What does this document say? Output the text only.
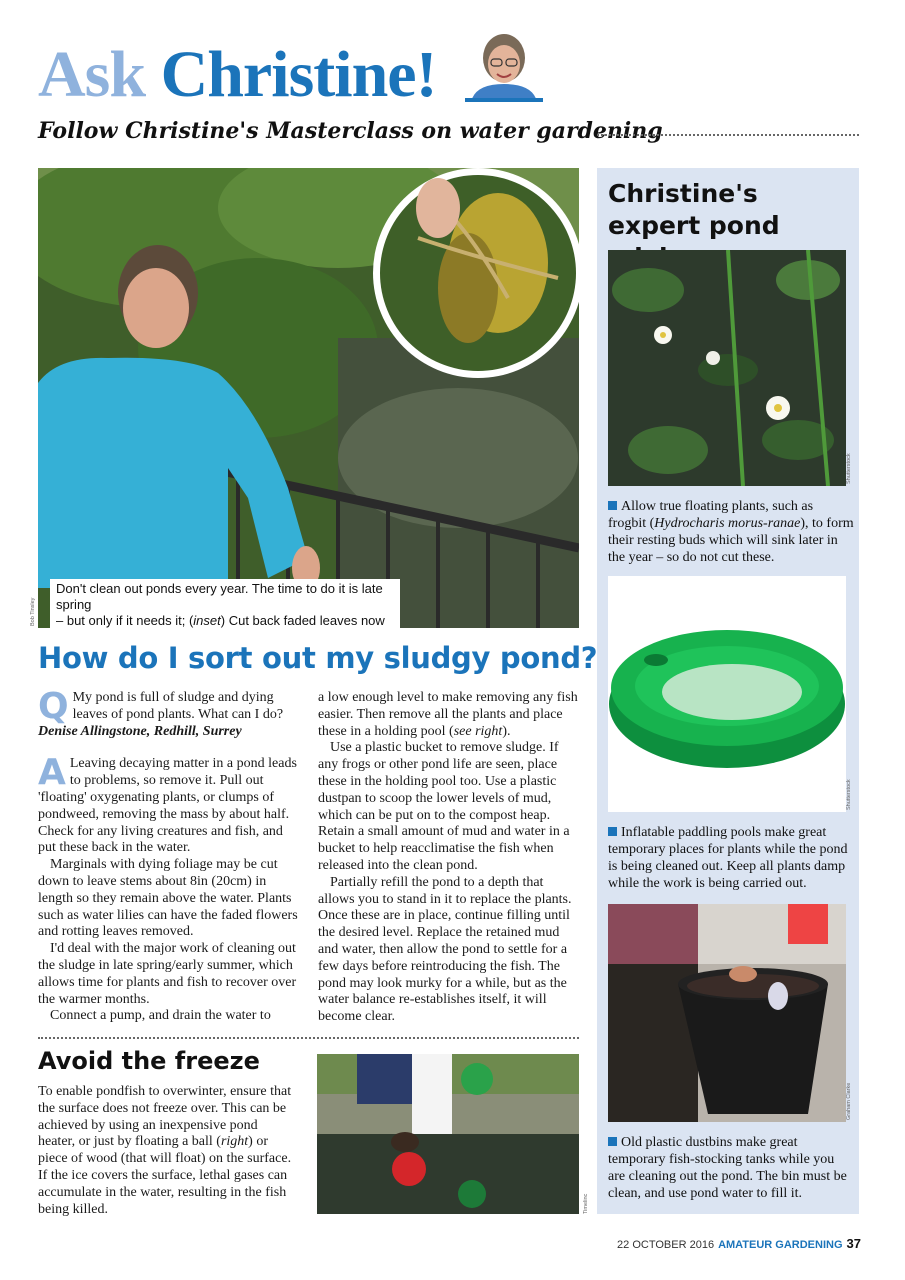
Ask Christine!
Follow Christine's Masterclass on water gardening
Don't clean out ponds every year. The time to do it is late spring
– but only if it needs it; (inset) Cut back faded leaves now
Bob Tinsley
How do I sort out my sludgy pond?

Q My pond is full of sludge and dying leaves of pond plants. What can I do?
Denise Allingstone, Redhill, Surrey

A Leaving decaying matter in a pond leads to problems, so remove it. Pull out 'floating' oxygenating plants, or clumps of pondweed, removing the mass by about half. Check for any living creatures and fish, and put these back in the water.

Marginals with dying foliage may be cut down to leave stems about 8in (20cm) in length so they remain above the water. Plants such as water lilies can have the faded flowers and rotting leaves removed.

I'd deal with the major work of cleaning out the sludge in late spring/early summer, which allows time for plants and fish to recover over the warmer months.

Connect a pump, and drain the water to

a low enough level to make removing any fish easier. Then remove all the plants and place these in a holding pool (see right).

Use a plastic bucket to remove sludge. If any frogs or other pond life are seen, place these in the holding pool too. Use a plastic dustpan to scoop the lower levels of mud, which can be put on to the compost heap. Retain a small amount of mud and water in a bucket to help reacclimatise the fish when released into the clean pond.

Partially refill the pond to a depth that allows you to stand in it to replace the plants. Once these are in place, continue filling until the desired level. Replace the retained mud and water, then allow the pond to settle for a few days before reintroducing the fish. The pond may look murky for a while, but as the water balance re-establishes itself, it will become clear.

Avoid the freeze

To enable pondfish to overwinter, ensure that the surface does not freeze over. This can be achieved by using an inexpensive pond heater, or just by floating a ball (right) or piece of wood (that will float) on the surface. If the ice covers the surface, lethal gases can accumulate in the water, resulting in the fish being killed.	Timelinc
Christine's expert pond
Shutterstock
Allow true floating plants, such as frogbit (Hydrocharis morus-ranae), to form their resting buds which will sink later in the year – so do not cut these.
Shutterstock
Inflatable paddling pools make great temporary places for plants while the pond is being cleaned out. Keep all plants damp while the work is being carried out.
Graham Clarke
Old plastic dustbins make great temporary fish-stocking tanks while you are cleaning out the pond. The bin must be clean, and use pond water to fill it.
22 OCTOBER 2016 AMATEUR GARDENING 37
